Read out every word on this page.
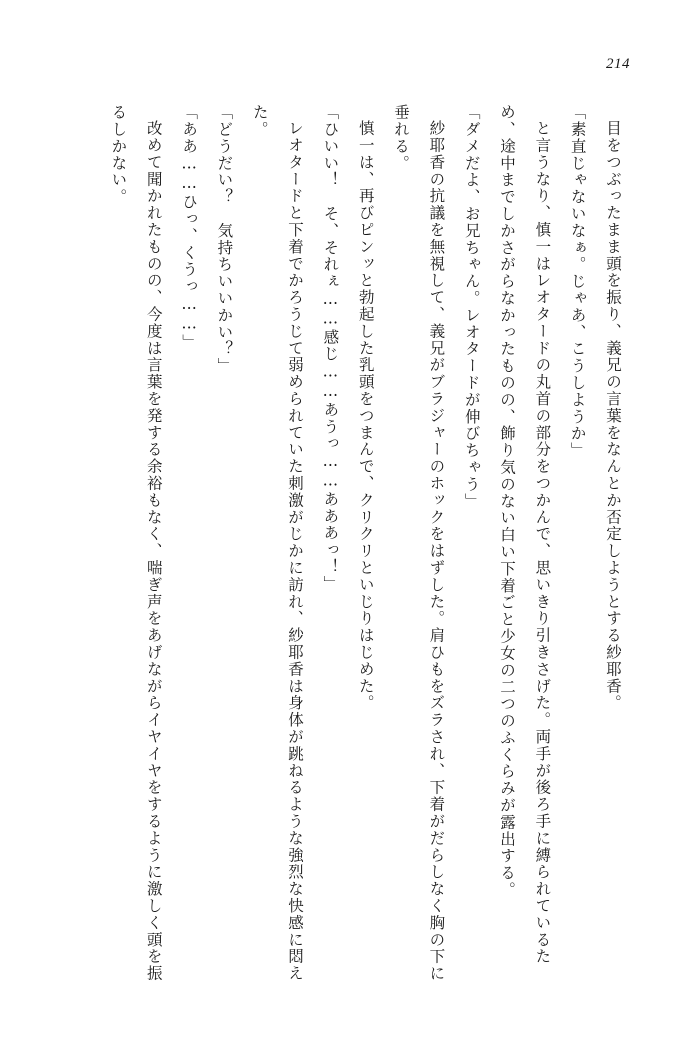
214

目をつぶったまま頭を振り、義兄の言葉をなんとか否定しようとする紗耶香。

「素直じゃないなぁ。じゃあ、こうしようか」

と言うなり、慎一はレオタードの丸首の部分をつかんで、思いきり引きさげた。両手が後ろ手に縛られているため、途中までしかさがらなかったものの、飾り気のない白い下着ごと少女の二つのふくらみが露出する。

「ダメだよ、お兄ちゃん。レオタードが伸びちゃう」

紗耶香の抗議を無視して、義兄がブラジャーのホックをはずした。肩ひもをズラされ、下着がだらしなく胸の下に垂れる。

慎一は、再びピンッと勃起した乳頭をつまんで、クリクリといじりはじめた。

「ひいい！　そ、それぇ……感じ……あうっ……あああっ！」

レオタードと下着でかろうじて弱められていた刺激がじかに訪れ、紗耶香は身体が跳ねるような強烈な快感に悶えた。

「どうだい？　気持ちいいかい？」

「ああ……ひっ、くうっ……」

改めて聞かれたものの、今度は言葉を発する余裕もなく、喘ぎ声をあげながらイヤイヤをするように激しく頭を振るしかない。
